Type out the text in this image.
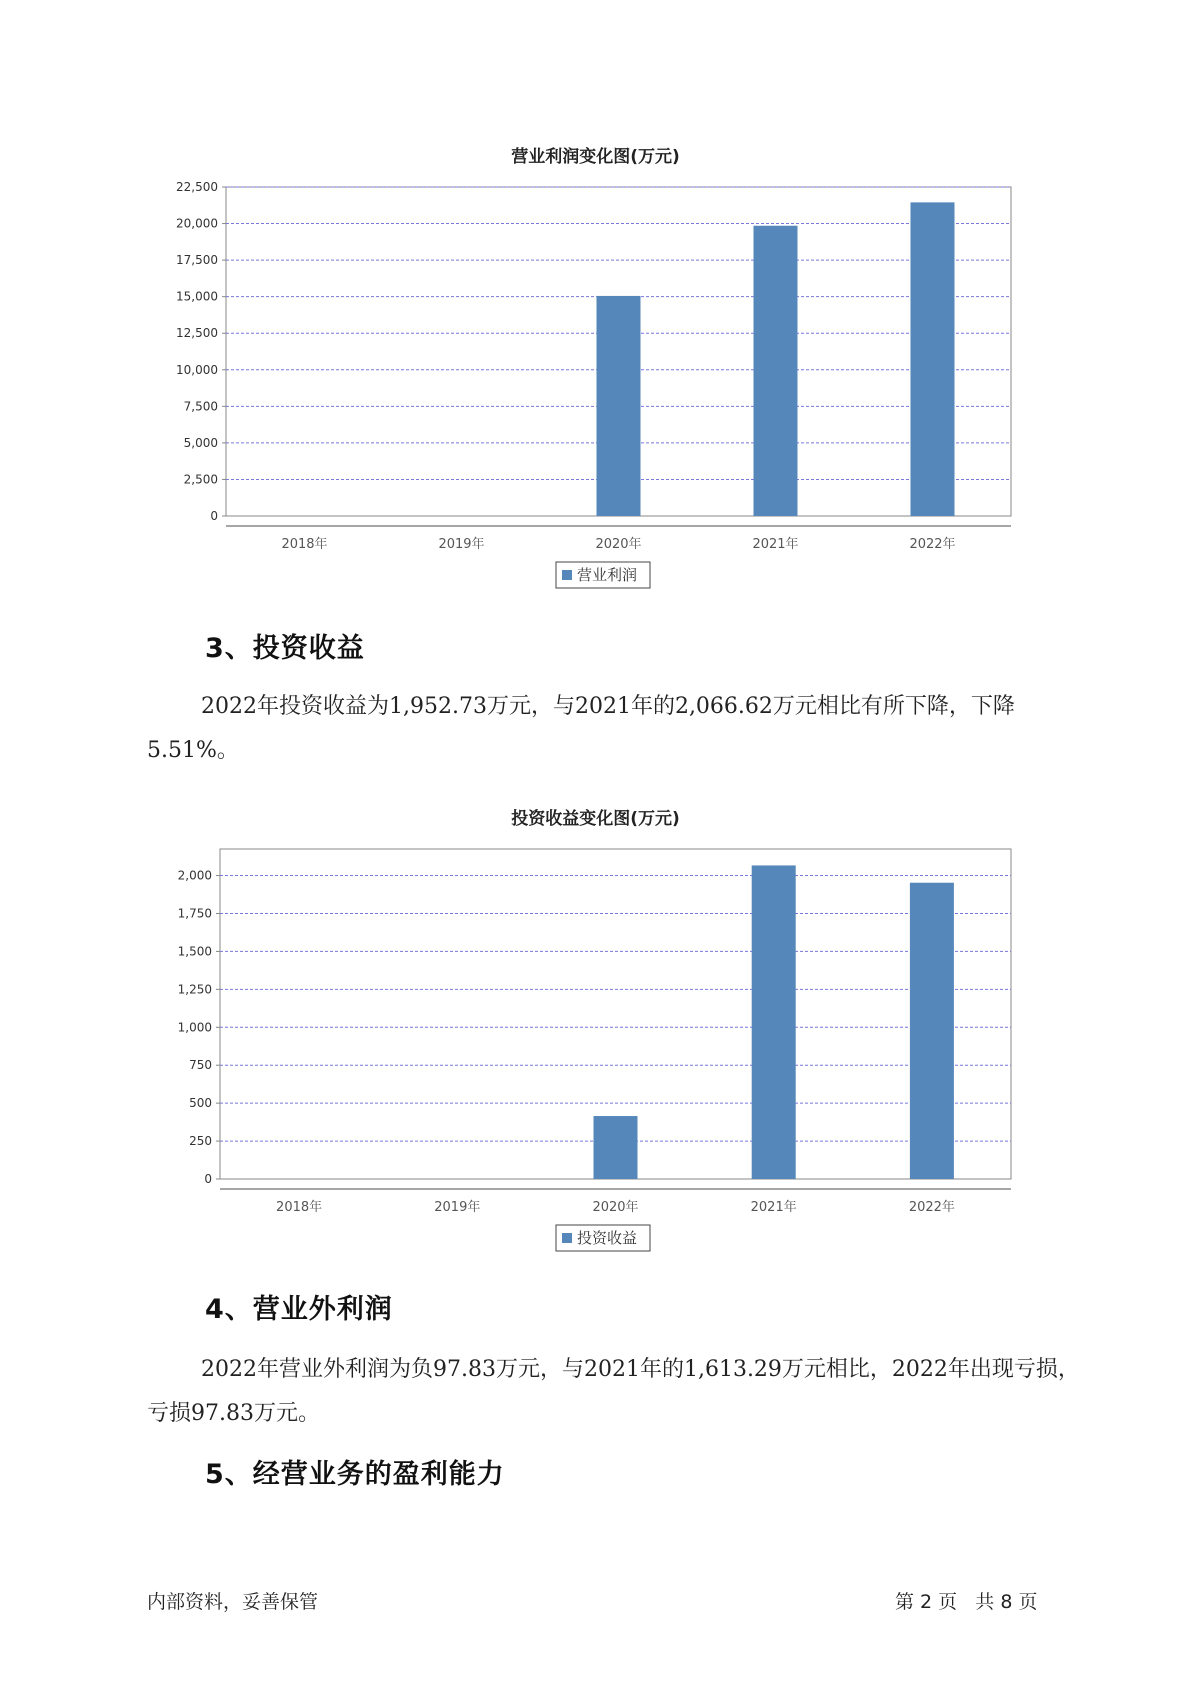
营业利润变化图(万元)
0
2,500
5,000
7,500
10,000
12,500
15,000
17,500
20,000
22,500
2018年	2019年	2020年	2021年	2022年
营业利润
3、投资收益
2022年投资收益为1,952.73万元，与2021年的2,066.62万元相比有所下降，下降5.51%。
投资收益变化图(万元)
0
250
500
750
1,000
1,250
1,500
1,750
2,000
2018年	2019年	2020年	2021年	2022年
投资收益
4、营业外利润
2022年营业外利润为负97.83万元，与2021年的1,613.29万元相比，2022年出现亏损，亏损97.83万元。
5、经营业务的盈利能力
内部资料，妥善保管	第 2 页   共 8 页
